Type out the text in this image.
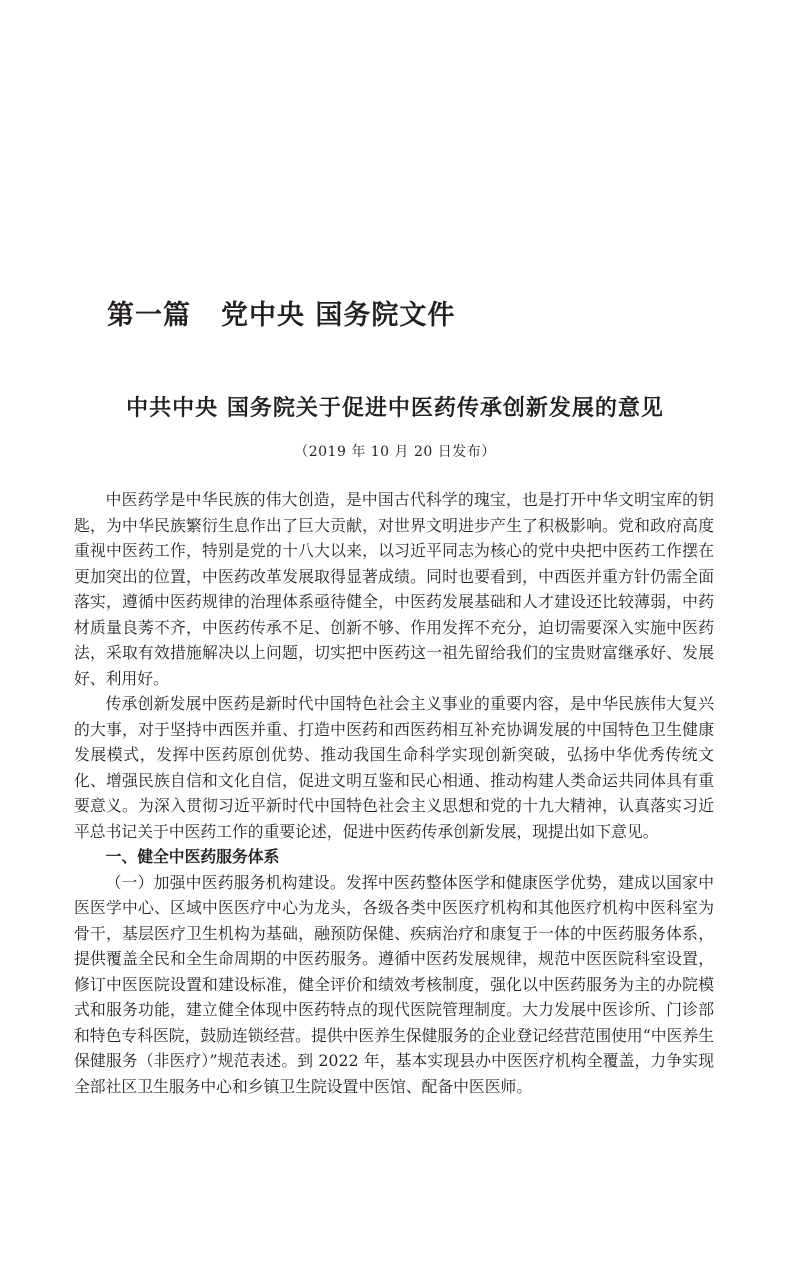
第一篇 党中央 国务院文件
中共中央 国务院关于促进中医药传承创新发展的意见
（2019 年 10 月 20 日发布）

中医药学是中华民族的伟大创造，是中国古代科学的瑰宝，也是打开中华文明宝库的钥匙，为中华民族繁衍生息作出了巨大贡献，对世界文明进步产生了积极影响。党和政府高度重视中医药工作，特别是党的十八大以来，以习近平同志为核心的党中央把中医药工作摆在更加突出的位置，中医药改革发展取得显著成绩。同时也要看到，中西医并重方针仍需全面落实，遵循中医药规律的治理体系亟待健全，中医药发展基础和人才建设还比较薄弱，中药材质量良莠不齐，中医药传承不足、创新不够、作用发挥不充分，迫切需要深入实施中医药法，采取有效措施解决以上问题，切实把中医药这一祖先留给我们的宝贵财富继承好、发展好、利用好。

传承创新发展中医药是新时代中国特色社会主义事业的重要内容，是中华民族伟大复兴的大事，对于坚持中西医并重、打造中医药和西医药相互补充协调发展的中国特色卫生健康发展模式，发挥中医药原创优势、推动我国生命科学实现创新突破，弘扬中华优秀传统文化、增强民族自信和文化自信，促进文明互鉴和民心相通、推动构建人类命运共同体具有重要意义。为深入贯彻习近平新时代中国特色社会主义思想和党的十九大精神，认真落实习近平总书记关于中医药工作的重要论述，促进中医药传承创新发展，现提出如下意见。

一、健全中医药服务体系

（一）加强中医药服务机构建设。发挥中医药整体医学和健康医学优势，建成以国家中医医学中心、区域中医医疗中心为龙头，各级各类中医医疗机构和其他医疗机构中医科室为骨干，基层医疗卫生机构为基础，融预防保健、疾病治疗和康复于一体的中医药服务体系，提供覆盖全民和全生命周期的中医药服务。遵循中医药发展规律，规范中医医院科室设置，修订中医医院设置和建设标准，健全评价和绩效考核制度，强化以中医药服务为主的办院模式和服务功能，建立健全体现中医药特点的现代医院管理制度。大力发展中医诊所、门诊部和特色专科医院，鼓励连锁经营。提供中医养生保健服务的企业登记经营范围使用“中医养生保健服务（非医疗）”规范表述。到 2022 年，基本实现县办中医医疗机构全覆盖，力争实现全部社区卫生服务中心和乡镇卫生院设置中医馆、配备中医医师。
